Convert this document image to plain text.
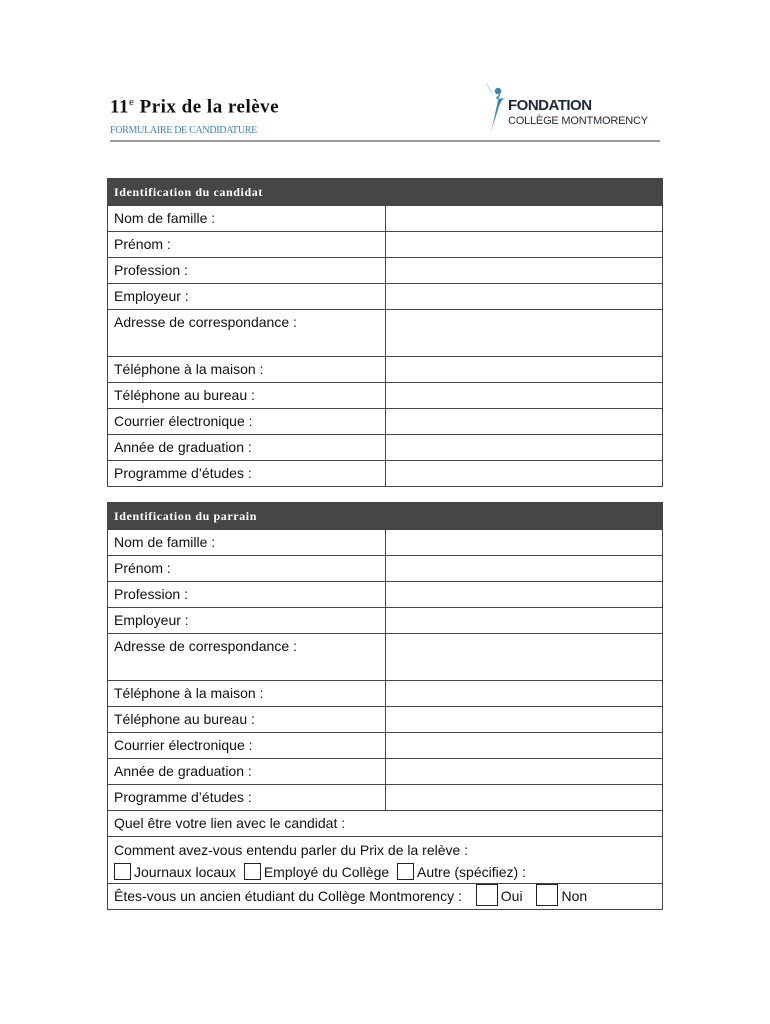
11e Prix de la relève
FORMULAIRE DE CANDIDATURE
FONDATION
COLLÈGE MONTMORENCY
Identification du candidat	
Nom de famille :	
Prénom :	
Profession :	
Employeur :	
Adresse de correspondance :	
Téléphone à la maison :	
Téléphone au bureau :	
Courrier électronique :	
Année de graduation :	
Programme d’études :	
Identification du parrain	
Nom de famille :	
Prénom :	
Profession :	
Employeur :	
Adresse de correspondance :	
Téléphone à la maison :	
Téléphone au bureau :	
Courrier électronique :	
Année de graduation :	
Programme d’études :	
Quel être votre lien avec le candidat :	

Comment avez-vous entendu parler du Prix de la relève :
Journaux locaux Employé du Collège Autre (spécifiez) :	

Êtes-vous un ancien étudiant du Collège Montmorency : Oui Non	
